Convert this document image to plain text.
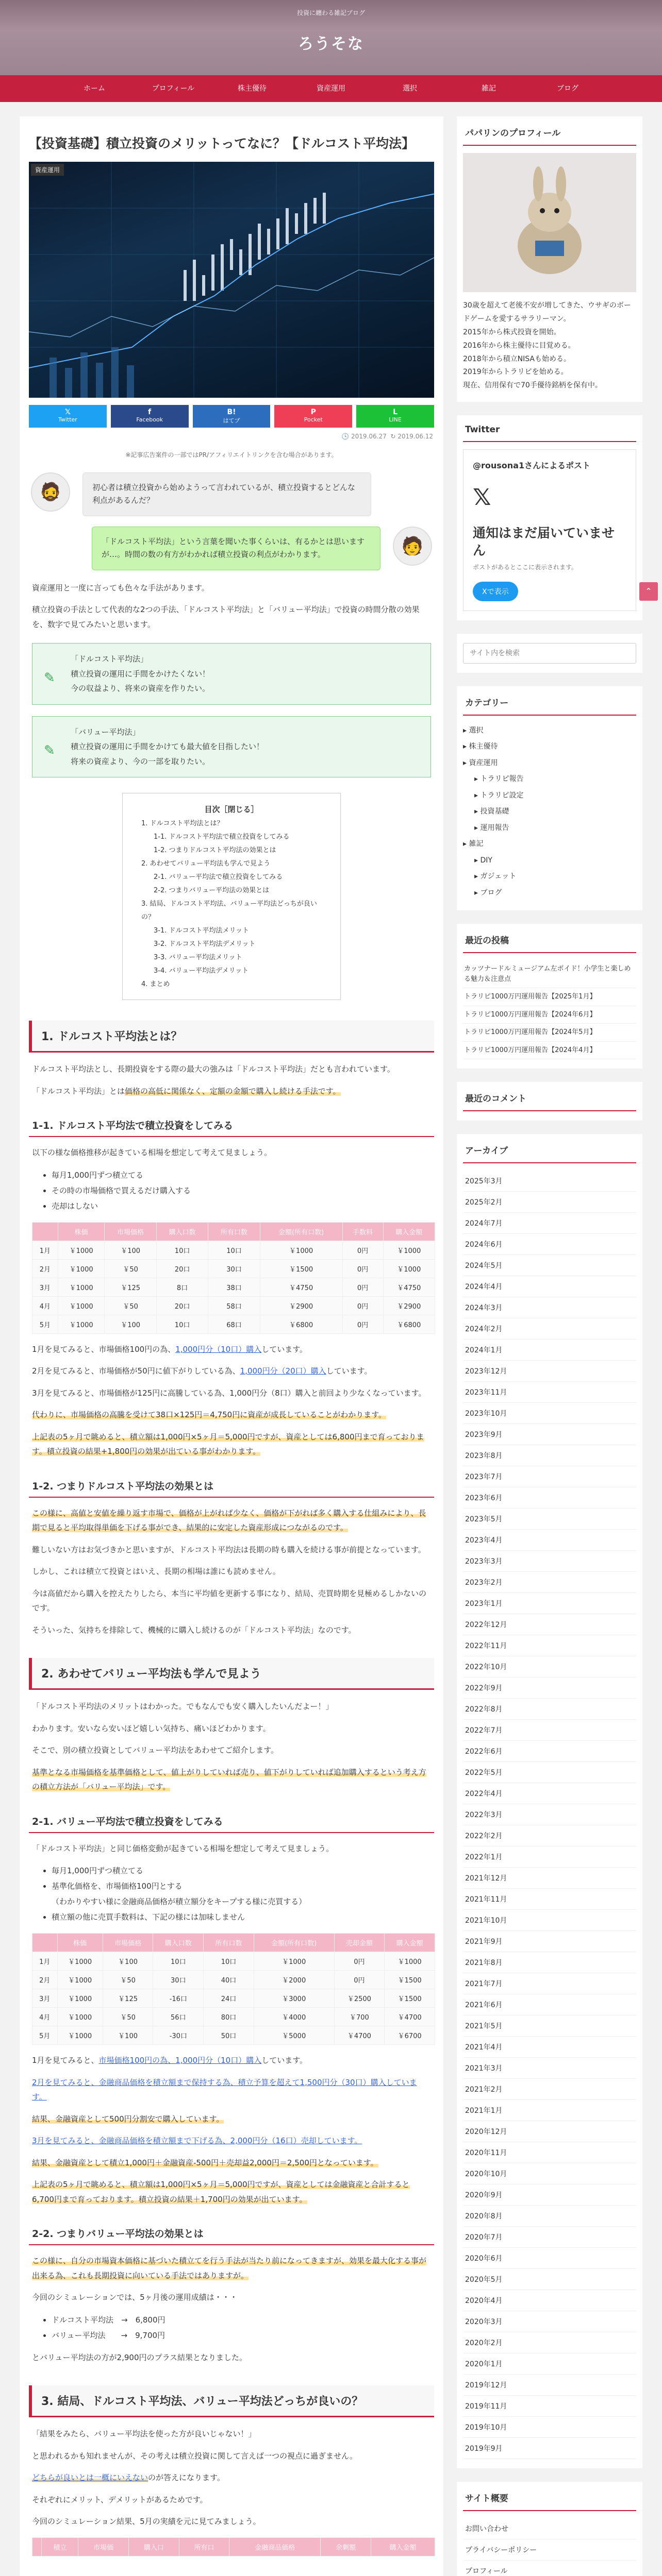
投資に纏わる雑記ブログ
ろうそな
ホーム	プロフィール	株主優待	資産運用	選択	雑記	ブログ
【投資基礎】積立投資のメリットってなに？【ドルコスト平均法】
資産運用
𝕏
Twitter
f
Facebook
B!
はてブ
P
Pocket
L
LINE
🕓 2019.06.27 ↻ 2019.06.12
※記事広告案件の一部ではPR/アフィリエイトリンクを含む場合があります。
🧔	初心者は積立投資から始めようって言われているが、積立投資するとどんな利点があるんだ？
「ドルコスト平均法」という言葉を聞いた事くらいは、有るかとは思いますが…。時間の数の有方がわかれば積立投資の利点がわかります。	🧑
資産運用と一度に言っても色々な手法があります。
積立投資の手法として代表的な2つの手法、「ドルコスト平均法」と「バリュー平均法」で投資の時間分散の効果を、数字で見てみたいと思います。
✎
「ドルコスト平均法」
積立投資の運用に手間をかけたくない！
今の収益より、将来の資産を作りたい。
✎
「バリュー平均法」
積立投資の運用に手間をかけても最大値を目指したい！
将来の資産より、今の一部を取りたい。
目次［閉じる］
1. ドルコスト平均法とは？
1-1. ドルコスト平均法で積立投資をしてみる
1-2. つまりドルコスト平均法の効果とは
2. あわせてバリュー平均法も学んで見よう
2-1. バリュー平均法で積立投資をしてみる
2-2. つまりバリュー平均法の効果とは
3. 結局、ドルコスト平均法、バリュー平均法どっちが良いの？
3-1. ドルコスト平均法メリット
3-2. ドルコスト平均法デメリット
3-3. バリュー平均法メリット
3-4. バリュー平均法デメリット
4. まとめ
1. ドルコスト平均法とは？
ドルコスト平均法とし、長期投資をする際の最大の強みは「ドルコスト平均法」だとも言われています。
「ドルコスト平均法」とは価格の高低に関係なく、定額の金額で購入し続ける手法です。
1-1. ドルコスト平均法で積立投資をしてみる
以下の様な価格推移が起きている相場を想定して考えて見ましょう。
• 毎月1,000円ずつ積立てる
• その時の市場価格で買えるだけ購入する
• 売却はしない
	株価	市場価格	購入口数	所有口数	金額(所有口数)	手数料	購入金額
1月	￥1000	￥100	10口	10口	￥1000	0円	￥1000
2月	￥1000	￥50	20口	30口	￥1500	0円	￥1000
3月	￥1000	￥125	8口	38口	￥4750	0円	￥4750
4月	￥1000	￥50	20口	58口	￥2900	0円	￥2900
5月	￥1000	￥100	10口	68口	￥6800	0円	￥6800
1月を見てみると、市場価格100円の為、1,000円分（10口）購入しています。
2月を見てみると、市場価格が50円に値下がりしている為、1,000円分（20口）購入しています。
3月を見てみると、市場価格が125円に高騰している為、1,000円分（8口）購入と前回より少なくなっています。
代わりに、市場価格の高騰を受けて38口×125円＝4,750円に資産が成長していることがわかります。
上記表の5ヶ月で眺めると、積立額は1,000円×5ヶ月＝5,000円ですが、資産としては6,800円まで育っております。積立投資の結果+1,800円の効果が出ている事がわかります。
1-2. つまりドルコスト平均法の効果とは
この様に、高値と安値を繰り返す市場で、価格が上がれば少なく、価格が下がれば多く購入する仕組みにより、長期で見ると平均取得単価を下げる事ができ、結果的に安定した資産形成につながるのです。
難しいない方はお気づきかと思いますが、ドルコスト平均法は長期の時も購入を続ける事が前提となっています。
しかし、これは積立て投資とはいえ、長期の相場は誰にも読めません。
今は高値だから購入を控えたりしたら、本当に平均値を更新する事になり、結局、売買時期を見極めるしかないのです。
そういった、気持ちを排除して、機械的に購入し続けるのが「ドルコスト平均法」なのです。
2. あわせてバリュー平均法も学んで見よう
「ドルコスト平均法のメリットはわかった。でもなんでも安く購入したいんだよー！」
わかります。安いなら安いほど嬉しい気持ち、痛いほどわかります。
そこで、別の積立投資としてバリュー平均法をあわせてご紹介します。
基準となる市場価格を基準価格として、値上がりしていれば売り、値下がりしていれば追加購入するという考え方の積立方法が「バリュー平均法」です。
2-1. バリュー平均法で積立投資をしてみる
「ドルコスト平均法」と同じ価格変動が起きている相場を想定して考えて見ましょう。
• 毎月1,000円ずつ積立てる
• 基準化価格を、市場価格100円とする
（わかりやすい様に金融商品価格が積立額分をキープする様に売買する）
• 積立額の他に売買手数料は、下記の様には加味しません
	株価	市場価格	購入口数	所有口数	金額(所有口数)	売却金額	購入金額
1月	￥1000	￥100	10口	10口	￥1000	0円	￥1000
2月	￥1000	￥50	30口	40口	￥2000	0円	￥1500
3月	￥1000	￥125	-16口	24口	￥3000	￥2500	￥1500
4月	￥1000	￥50	56口	80口	￥4000	￥700	￥4700
5月	￥1000	￥100	-30口	50口	￥5000	￥4700	￥6700
1月を見てみると、市場価格100円の為、1,000円分（10口）購入しています。
2月を見てみると、金融商品価格を積立額まで保持する為、積立予算を超えて1,500円分（30口）購入しています。
結果、金融資産として500円分割安で購入しています。
3月を見てみると、金融商品価格を積立額まで下げる為、2,000円分（16口）売却しています。
結果、金融資産として積立1,000円＋金融資産-500円＋売却益2,000円＝2,500円となっています。
上記表の5ヶ月で眺めると、積立額は1,000円×5ヶ月＝5,000円ですが、資産としては金融資産と合計すると6,700円まで育っております。積立投資の結果＋1,700円の効果が出ています。
2-2. つまりバリュー平均法の効果とは
この様に、自分の市場資本価格に基づいた積立てを行う手法が当たり前になってきますが、効果を最大化する事が出来る為、これも長期投資に向いている手法ではありますが。
今回のシミュレーションでは、5ヶ月後の運用成績は・・・
• ドルコスト平均法　→　6,800円
• バリュー平均法　　→　9,700円
とバリュー平均法の方が2,900円のプラス結果となりました。
3. 結局、ドルコスト平均法、バリュー平均法どっちが良いの？
「結果をみたら、バリュー平均法を使った方が良いじゃない！」
と思われるかも知れませんが、その考えは積立投資に関して言えば一つの視点に過ぎません。
どちらが良いとは一概にいえないのが答えになります。
それぞれにメリット、デメリットがあるためです。
今回のシミュレーション結果、5月の実績を元に見てみましょう。
	積立	市場価	購入口	所有口	金融商品価格	余剰額	購入金額
パパリンのプロフィール
30歳を超えて老後不安が増してきた、ウサギのボードゲームを愛するサラリーマン。
2015年から株式投資を開始。
2016年から株主優待に目覚める。
2018年から積立NISAも始める。
2019年からトラリピを始める。
現在、信用保有で70手優待銘柄を保有中。
Twitter
@rousona1さんによるポスト
𝕏
通知はまだ届いていません
ポストがあるとここに表示されます。
Xで表示
サイト内を検索
カテゴリー
▸ 選択
▸ 株主優待
▸ 資産運用
▸ トラリピ報告
▸ トラリピ設定
▸ 投資基礎
▸ 運用報告
▸ 雑記
▸ DIY
▸ ガジェット
▸ ブログ
最近の投稿
カッツナードルミュージアム左ポイド！小学生と楽しめる魅力＆注意点
トラリピ1000万円運用報告【2025年1月】
トラリピ1000万円運用報告【2024年6月】
トラリピ1000万円運用報告【2024年5月】
トラリピ1000万円運用報告【2024年4月】
最近のコメント
アーカイブ
2025年3月
2025年2月
2024年7月
2024年6月
2024年5月
2024年4月
2024年3月
2024年2月
2024年1月
2023年12月
2023年11月
2023年10月
2023年9月
2023年8月
2023年7月
2023年6月
2023年5月
2023年4月
2023年3月
2023年2月
2023年1月
2022年12月
2022年11月
2022年10月
2022年9月
2022年8月
2022年7月
2022年6月
2022年5月
2022年4月
2022年3月
2022年2月
2022年1月
2021年12月
2021年11月
2021年10月
2021年9月
2021年8月
2021年7月
2021年6月
2021年5月
2021年4月
2021年3月
2021年2月
2021年1月
2020年12月
2020年11月
2020年10月
2020年9月
2020年8月
2020年7月
2020年6月
2020年5月
2020年4月
2020年3月
2020年2月
2020年1月
2019年12月
2019年11月
2019年10月
2019年9月
サイト概要
お問い合わせ
プライバシーポリシー
プロフィール
⌃
